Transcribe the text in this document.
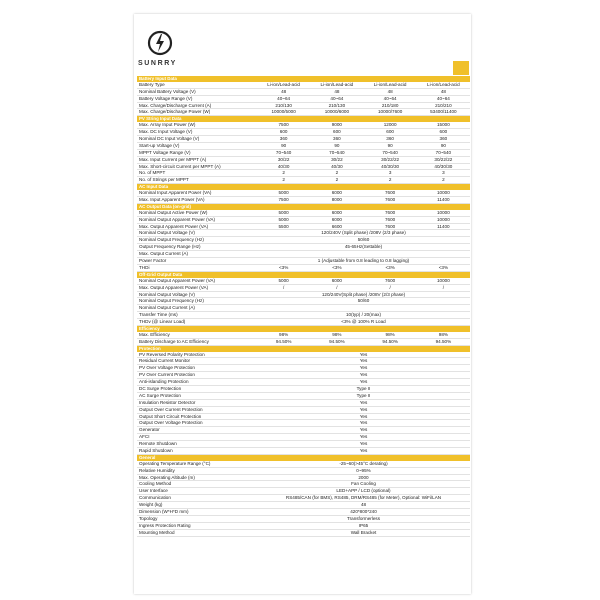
SUNRRY
Battery Input Data
Battery Type	Li-ion/Lead-acid	Li-ion/Lead-acid	Li-ion/Lead-acid	Li-ion/Lead-acid
Nominal Battery Voltage (V)	48	48	48	48
Battery Voltage Range (V)	40~64	40~64	40~64	40~64
Max. Charge/Discharge Current (A)	210/130	210/130	210/180	210/210
Max. Charge/Discharge Power (W)	10000/5000	10000/6000	10000/7600	53400/11400
PV String Input Data
Max. Array Input Power (W)	7500	9000	12000	15000
Max. DC Input Voltage (V)	600	600	600	600
Nominal DC Input Voltage (V)	360	360	360	360
Start-up Voltage (V)	90	90	90	90
MPPT Voltage Range (V)	70~540	70~540	70~540	70~540
Max. Input Current per MPPT (A)	30/22	30/22	30/22/22	30/22/22
Max. Short-circuit Current per MPPT (A)	40/30	40/30	40/30/30	40/30/30
No. of MPPT	2	2	3	3
No. of Strings per MPPT	2	2	2	2
AC Input Data
Nominal Input Apparent Power (VA)	5000	6000	7600	10000
Max. Input Apparent Power (VA)	7500	8000	7600	11400
AC Output Data (on-grid)
Nominal Output Active Power (W)	5000	6000	7600	10000
Nominal Output Apparent Power (VA)	5000	6000	7600	10000
Max. Output Apparent Power (VA)	5500	6600	7600	11400
Nominal Output Voltage (V)	120/240V (Split phase) /208V (2/3 phase)
Nominal Output Frequency (Hz)	50/60
Output Frequency Range (Hz)	45-65Hz(Settable)
Max. Output Current (A)
Power Factor	1 (Adjustable from 0.8 leading to 0.8 lagging)
THDi	<3%	<3%	<3%	<3%
Off-Grid Output Data
Nominal Output Apparent Power (VA)	5000	6000	7600	10000
Max. Output Apparent Power (VA)	/	/	/	/
Nominal Output Voltage (V)	120/240V(Split phase) /208V (2/3 phase)
Nominal Output Frequency (Hz)	50/60
Nominal Output Current (A)
Transfer Time (ms)	10(typ) / 20(max)
THDv (@ Linear Load)	<3% @ 100% R Load
Efficiency
Max. Efficiency	98%	98%	98%	98%
Battery Discharge to AC Efficiency	94.50%	94.50%	94.50%	94.50%
Protection
PV Reversed Polarity Protection	Yes
Residual Current Monitor	Yes
PV Over Voltage Protection	Yes
PV Over Current Protection	Yes
Anti-islanding Protection	Yes
DC Surge Protection	Type II
AC Surge Protection	Type II
Insulation Resistor Detector	Yes
Output Over Current Protection	Yes
Output Short Circuit Protection	Yes
Output Over Voltage Protection	Yes
Generator	Yes
AFCI	Yes
Remote Shutdown	Yes
Rapid Shutdown	Yes
General
Operating Temperature Range (°C)	-25~60(>45°C derating)
Relative Humidity	0~95%
Max. Operating Altitude (m)	2000
Cooling Method	Fan Cooling
User Interface	LED+APP / LCD (optional)
Communication	RS485/CAN (for BMS), RS485, DRM/RS485 (for Meter), Optional: WiFi/LAN
Weight (kg)	48
Dimension (W*H*D mm)	420*800*240
Topology	Transformerless
Ingress Protection Rating	IP65
Mounting Method	Wall Bracket
